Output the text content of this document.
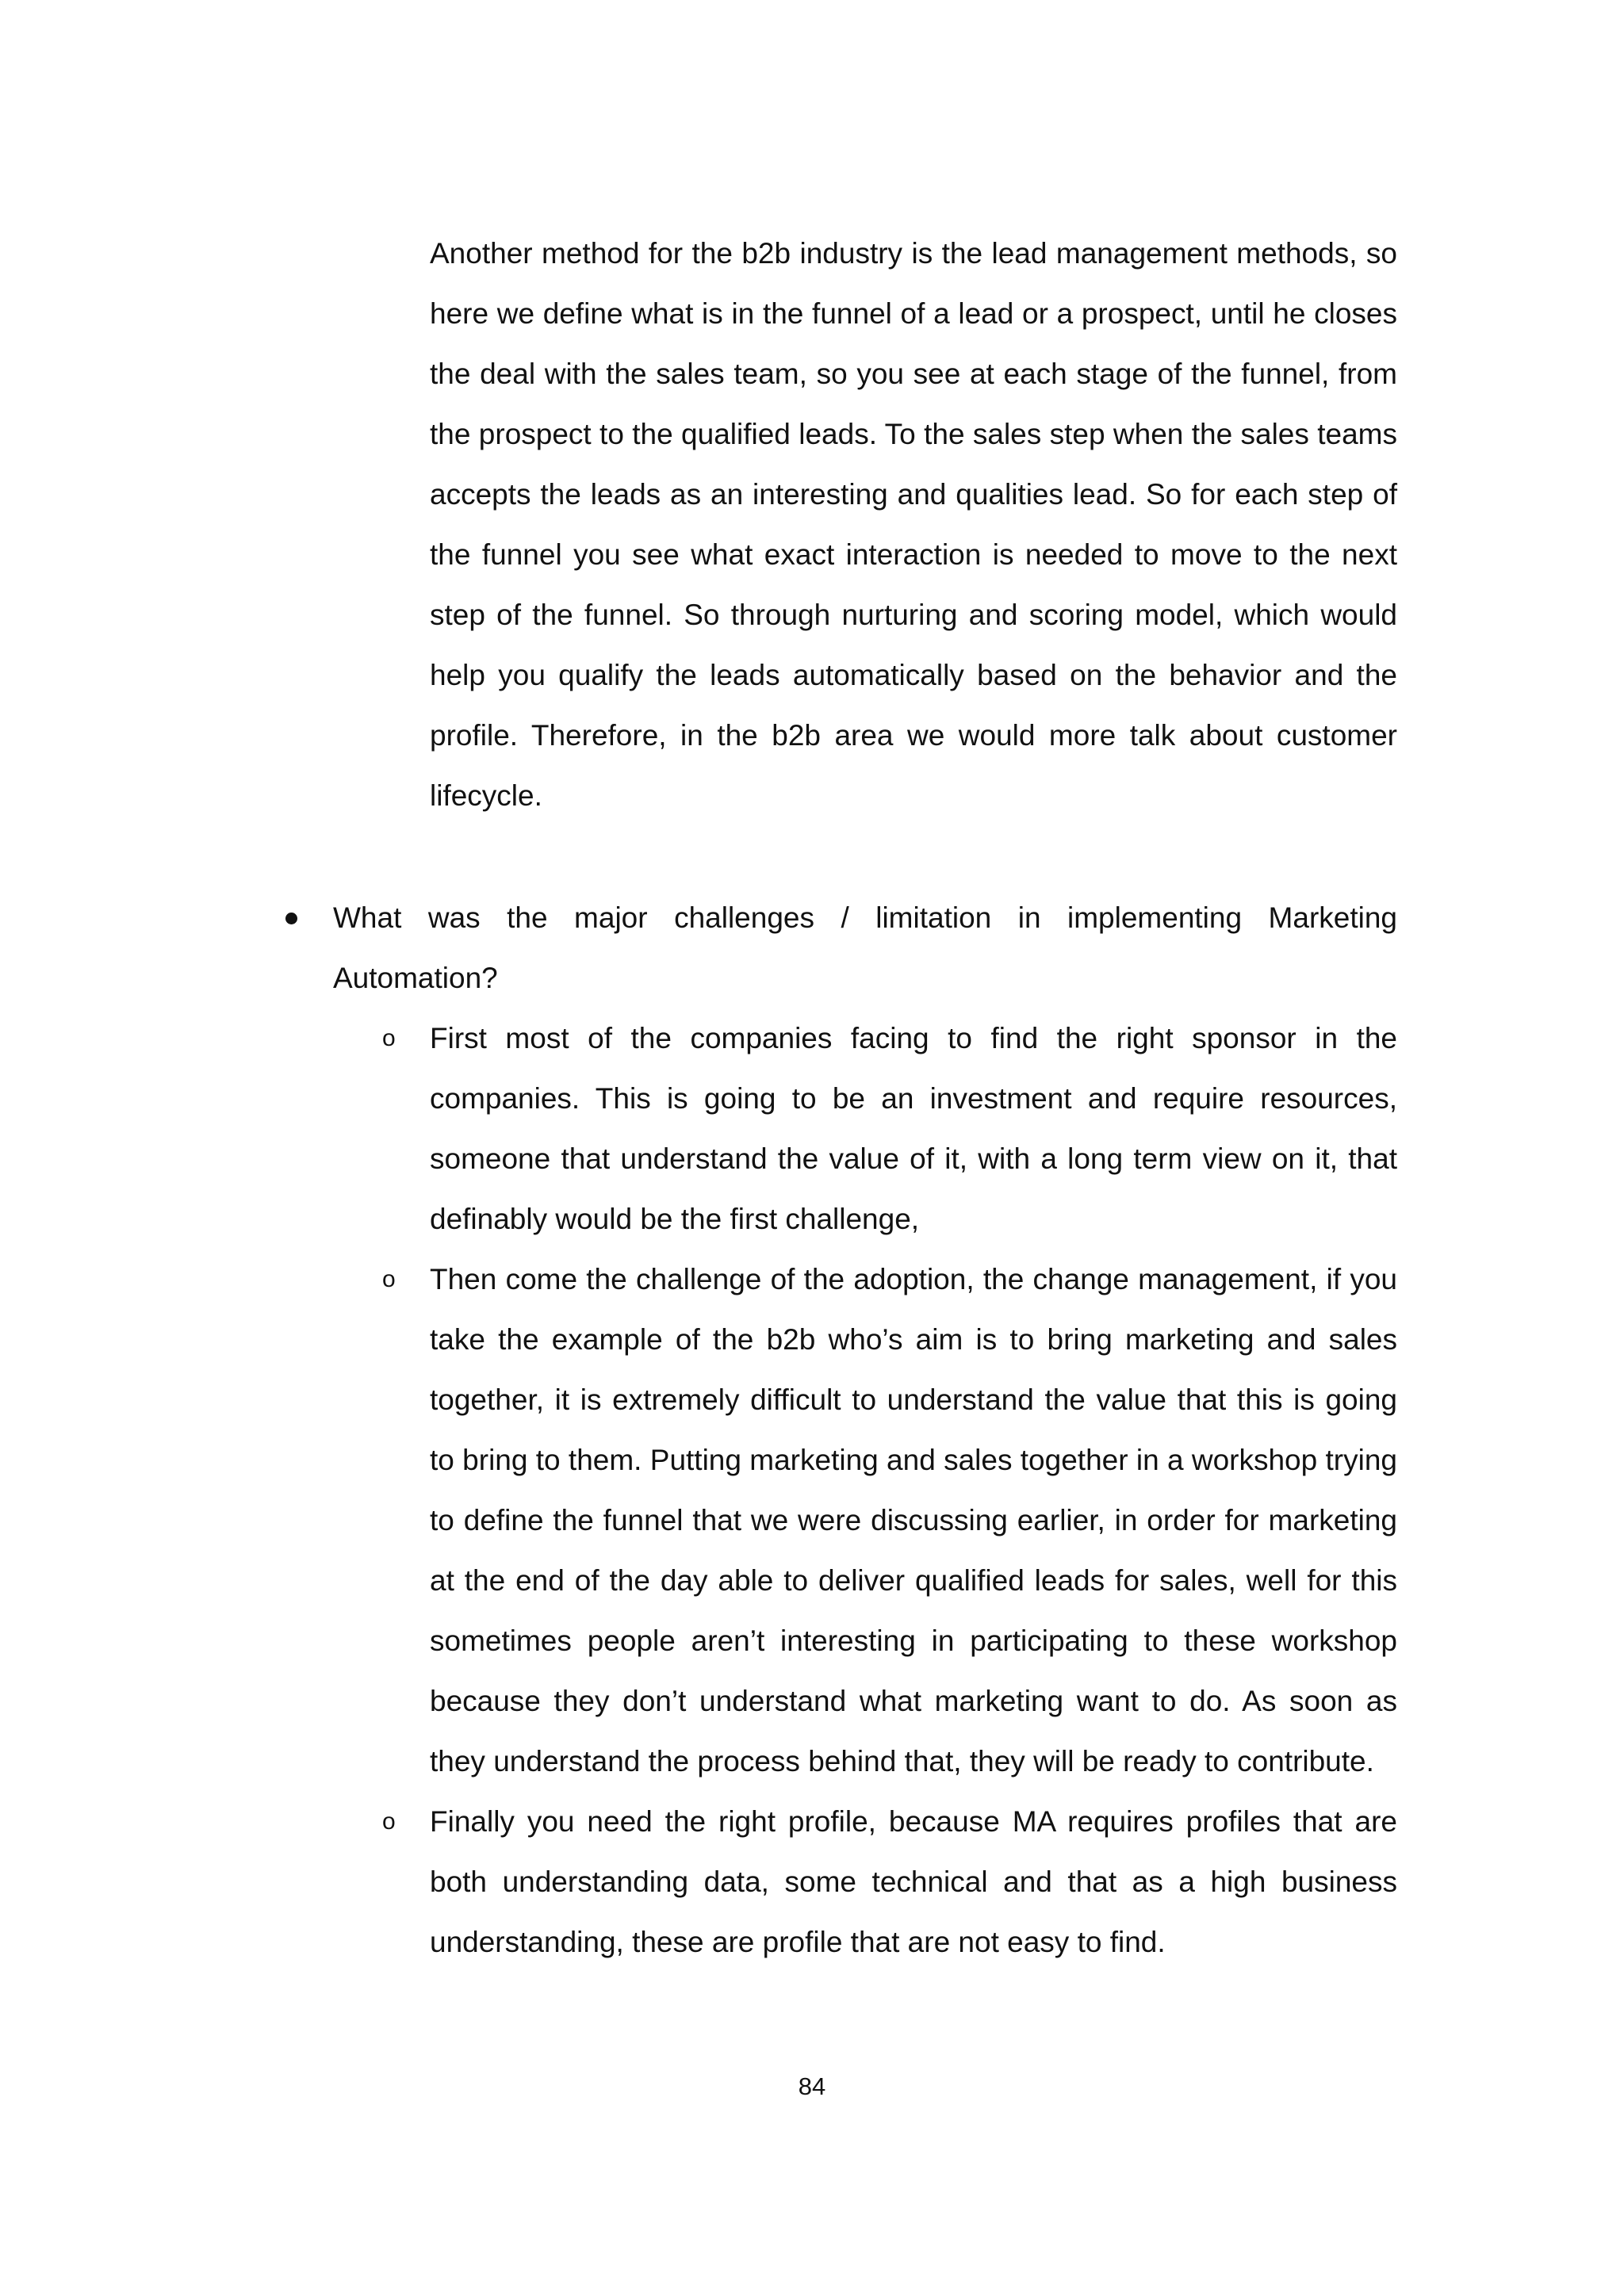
Another method for the b2b industry is the lead management methods, so here we define what is in the funnel of a lead or a prospect, until he closes the deal with the sales team, so you see at each stage of the funnel, from the prospect to the qualified leads. To the sales step when the sales teams accepts the leads as an interesting and qualities lead. So for each step of the funnel you see what exact interaction is needed to move to the next step of the funnel. So through nurturing and scoring model, which would help you qualify the leads automatically based on the behavior and the profile. Therefore, in the b2b area we would more talk about customer lifecycle.

What was the major challenges / limitation in implementing Marketing Automation?

o First most of the companies facing to find the right sponsor in the companies. This is going to be an investment and require resources, someone that understand the value of it, with a long term view on it, that definably would be the first challenge,

o Then come the challenge of the adoption, the change management, if you take the example of the b2b who’s aim is to bring marketing and sales together, it is extremely difficult to understand the value that this is going to bring to them. Putting marketing and sales together in a workshop trying to define the funnel that we were discussing earlier, in order for marketing at the end of the day able to deliver qualified leads for sales, well for this sometimes people aren’t interesting in participating to these workshop because they don’t understand what marketing want to do. As soon as they understand the process behind that, they will be ready to contribute.

o Finally you need the right profile, because MA requires profiles that are both understanding data, some technical and that as a high business understanding, these are profile that are not easy to find.

84
